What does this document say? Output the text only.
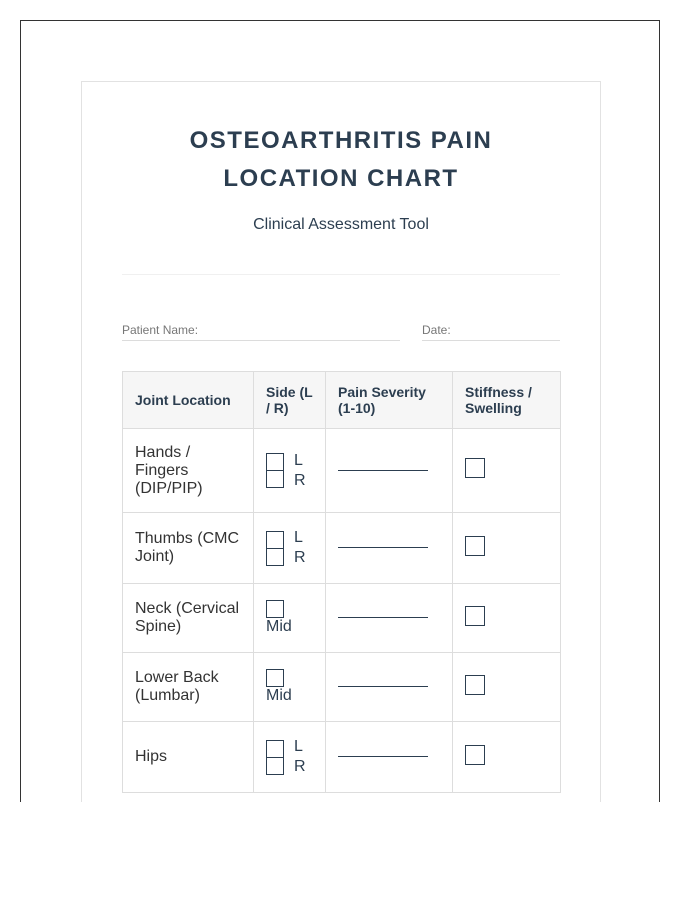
OSTEOARTHRITIS PAIN LOCATION CHART
Clinical Assessment Tool
Patient Name:	Date:
Joint Location	Side (L / R)	Pain Severity (1-10)	Stiffness / Swelling
Hands / Fingers (DIP/PIP)	L
R		

Thumbs (CMC Joint)	L
R		

Neck (Cervical Spine)	Mid		

Lower Back (Lumbar)	Mid		

Hips	L
R		
